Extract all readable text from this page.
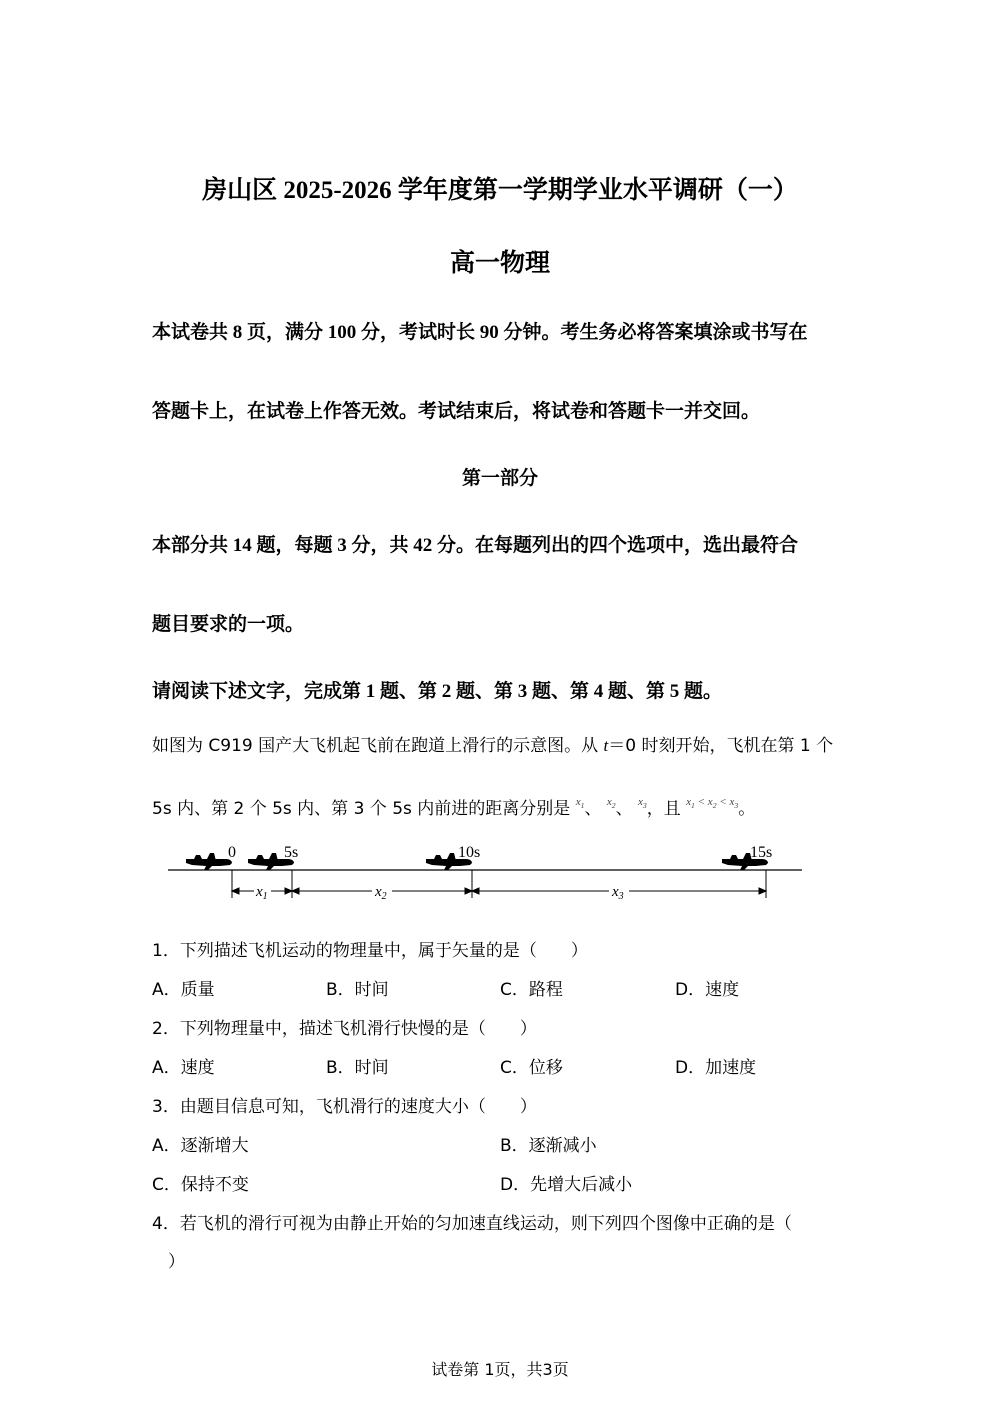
房山区 2025-2026 学年度第一学期学业水平调研（一）
高一物理
本试卷共 8 页，满分 100 分，考试时长 90 分钟。考生务必将答案填涂或书写在
答题卡上，在试卷上作答无效。考试结束后，将试卷和答题卡一并交回。
第一部分
本部分共 14 题，每题 3 分，共 42 分。在每题列出的四个选项中，选出最符合
题目要求的一项。
请阅读下述文字，完成第 1 题、第 2 题、第 3 题、第 4 题、第 5 题。
如图为 C919 国产大飞机起飞前在跑道上滑行的示意图。从 t＝0 时刻开始，飞机在第 1 个
5s 内、第 2 个 5s 内、第 3 个 5s 内前进的距离分别是 $^{x_1}$、 $^{x_2}$、 $^{x_3}$，且 $^{x_1 < x_2 < x_3}$。
0	5s	10s	15s
$x_1$	$x_2$	$x_3$
1．下列描述飞机运动的物理量中，属于矢量的是（　　）
A．质量	B．时间	C．路程	D．速度
2．下列物理量中，描述飞机滑行快慢的是（　　）
A．速度	B．时间	C．位移	D．加速度
3．由题目信息可知，飞机滑行的速度大小（　　）
A．逐渐增大	B．逐渐减小
C．保持不变	D．先增大后减小
4．若飞机的滑行可视为由静止开始的匀加速直线运动，则下列四个图像中正确的是（
）
试卷第 1页，共3页
